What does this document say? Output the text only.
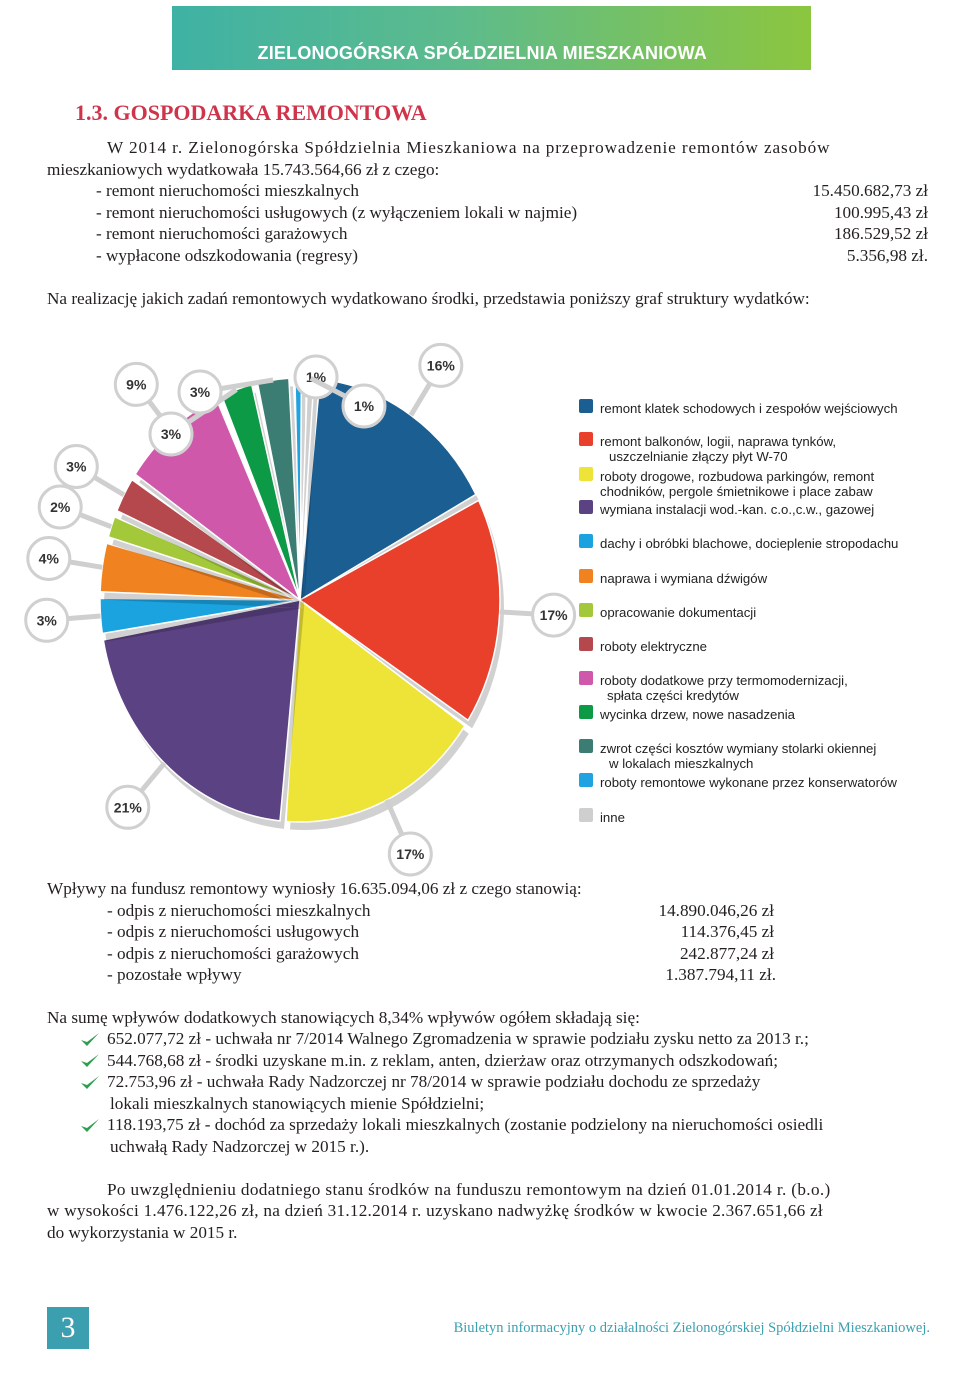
ZIELONOGÓRSKA SPÓŁDZIELNIA MIESZKANIOWA
1.3. GOSPODARKA REMONTOWA
W 2014 r. Zielonogórska Spółdzielnia Mieszkaniowa na przeprowadzenie remontów zasobów
mieszkaniowych wydatkowała 15.743.564,66 zł z czego:
- remont nieruchomości mieszkalnych	15.450.682,73 zł
- remont nieruchomości usługowych (z wyłączeniem lokali w najmie)	100.995,43 zł
- remont nieruchomości garażowych	186.529,52 zł
- wypłacone odszkodowania (regresy)	5.356,98 zł.
Na realizację jakich zadań remontowych wydatkowano środki, przedstawia poniższy graf struktury wydatków:
16%
17%
17%
21%
3%
4%
2%
3%
9%
3%
3%
1%
1%	remont klatek schodowych i zespołów wejściowych
remont balkonów, logii, naprawa tynków,
uszczelnianie złączy płyt W-70
roboty drogowe, rozbudowa parkingów, remont
chodników, pergole śmietnikowe i place zabaw
wymiana instalacji wod.-kan. c.o.,c.w., gazowej
dachy i obróbki blachowe, docieplenie stropodachu
naprawa i wymiana dźwigów
opracowanie dokumentacji
roboty elektryczne
roboty dodatkowe przy termomodernizacji,
spłata części kredytów
wycinka drzew, nowe nasadzenia
zwrot części kosztów wymiany stolarki okiennej
w lokalach mieszkalnych
roboty remontowe wykonane przez konserwatorów
inne
Wpływy na fundusz remontowy wyniosły 16.635.094,06 zł z czego stanowią:
- odpis z nieruchomości mieszkalnych	14.890.046,26 zł
- odpis z nieruchomości usługowych	114.376,45 zł
- odpis z nieruchomości garażowych	242.877,24 zł
- pozostałe wpływy	1.387.794,11 zł.
Na sumę wpływów dodatkowych stanowiących 8,34% wpływów ogółem składają się:
652.077,72 zł - uchwała nr 7/2014 Walnego Zgromadzenia w sprawie podziału zysku netto za 2013 r.;
544.768,68 zł - środki uzyskane m.in. z reklam, anten, dzierżaw oraz otrzymanych odszkodowań;
72.753,96 zł - uchwała Rady Nadzorczej nr 78/2014 w sprawie podziału dochodu ze sprzedaży
lokali mieszkalnych stanowiących mienie Spółdzielni;
118.193,75 zł - dochód za sprzedaży lokali mieszkalnych (zostanie podzielony na nieruchomości osiedli
uchwałą Rady Nadzorczej w 2015 r.).
Po uwzględnieniu dodatniego stanu środków na funduszu remontowym na dzień 01.01.2014 r. (b.o.)
w wysokości 1.476.122,26 zł, na dzień 31.12.2014 r. uzyskano nadwyżkę środków w kwocie 2.367.651,66 zł
do wykorzystania w 2015 r.
3	Biuletyn informacyjny o działalności Zielonogórskiej Spółdzielni Mieszkaniowej.
